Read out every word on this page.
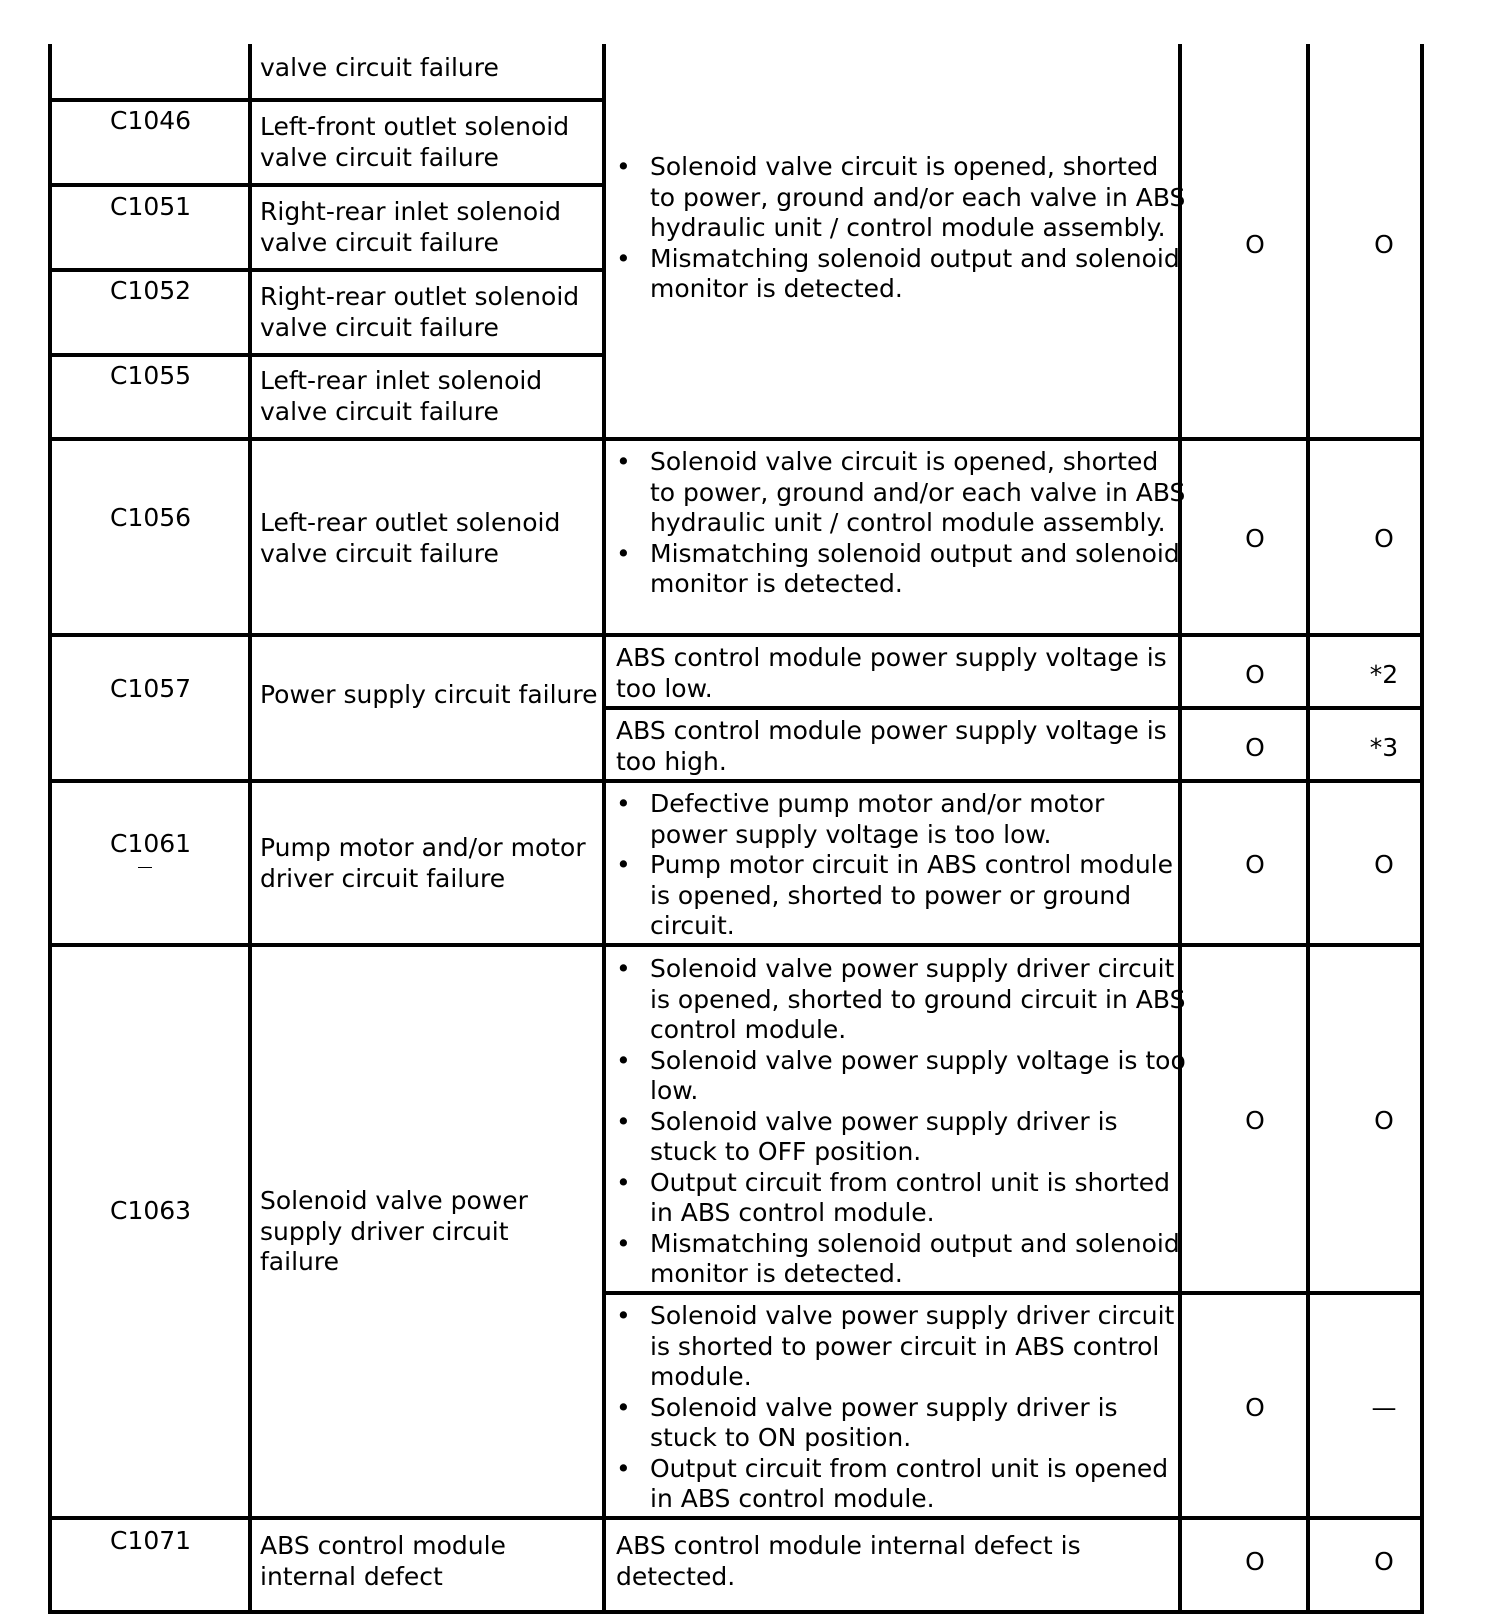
valve circuit failure
C1046	Left-front outlet solenoid valve circuit failure
C1051	Right-rear inlet solenoid valve circuit failure
C1052	Right-rear outlet solenoid valve circuit failure
C1055	Left-rear inlet solenoid valve circuit failure
• Solenoid valve circuit is opened, shorted to power, ground and/or each valve in ABS hydraulic unit / control module assembly.
• Mismatching solenoid output and solenoid monitor is detected.
O	O
C1056	Left-rear outlet solenoid valve circuit failure
• Solenoid valve circuit is opened, shorted to power, ground and/or each valve in ABS hydraulic unit / control module assembly.
• Mismatching solenoid output and solenoid monitor is detected.
O	O
C1057	Power supply circuit failure
ABS control module power supply voltage is too low.	O	*2
ABS control module power supply voltage is too high.	O	*3
C1061	Pump motor and/or motor driver circuit failure
• Defective pump motor and/or motor power supply voltage is too low.
• Pump motor circuit in ABS control module is opened, shorted to power or ground circuit.
O	O
C1063	Solenoid valve power supply driver circuit failure
• Solenoid valve power supply driver circuit is opened, shorted to ground circuit in ABS control module.
• Solenoid valve power supply voltage is too low.
• Solenoid valve power supply driver is stuck to OFF position.
• Output circuit from control unit is shorted in ABS control module.
• Mismatching solenoid output and solenoid monitor is detected.
O	O
• Solenoid valve power supply driver circuit is shorted to power circuit in ABS control module.
• Solenoid valve power supply driver is stuck to ON position.
• Output circuit from control unit is opened in ABS control module.
O	—
C1071	ABS control module internal defect
ABS control module internal defect is detected.	O	O
